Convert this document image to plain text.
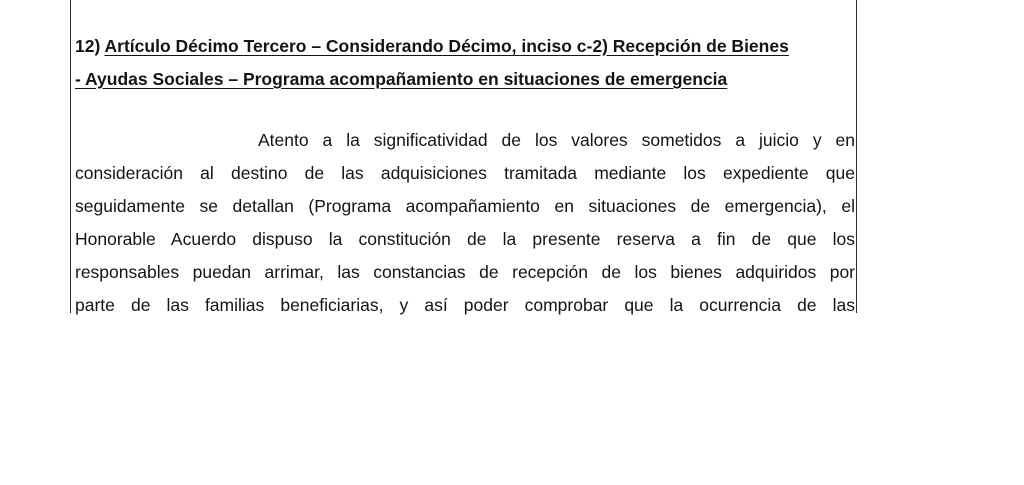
12) Artículo Décimo Tercero – Considerando Décimo, inciso c-2) Recepción de Bienes
- Ayudas Sociales – Programa acompañamiento en situaciones de emergencia

Atento a la significatividad de los valores sometidos a juicio y en
consideración al destino de las adquisiciones tramitada mediante los expediente que
seguidamente se detallan (Programa acompañamiento en situaciones de emergencia), el
Honorable Acuerdo dispuso la constitución de la presente reserva a fin de que los
responsables puedan arrimar, las constancias de recepción de los bienes adquiridos por
parte de las familias beneficiarias, y así poder comprobar que la ocurrencia de las
